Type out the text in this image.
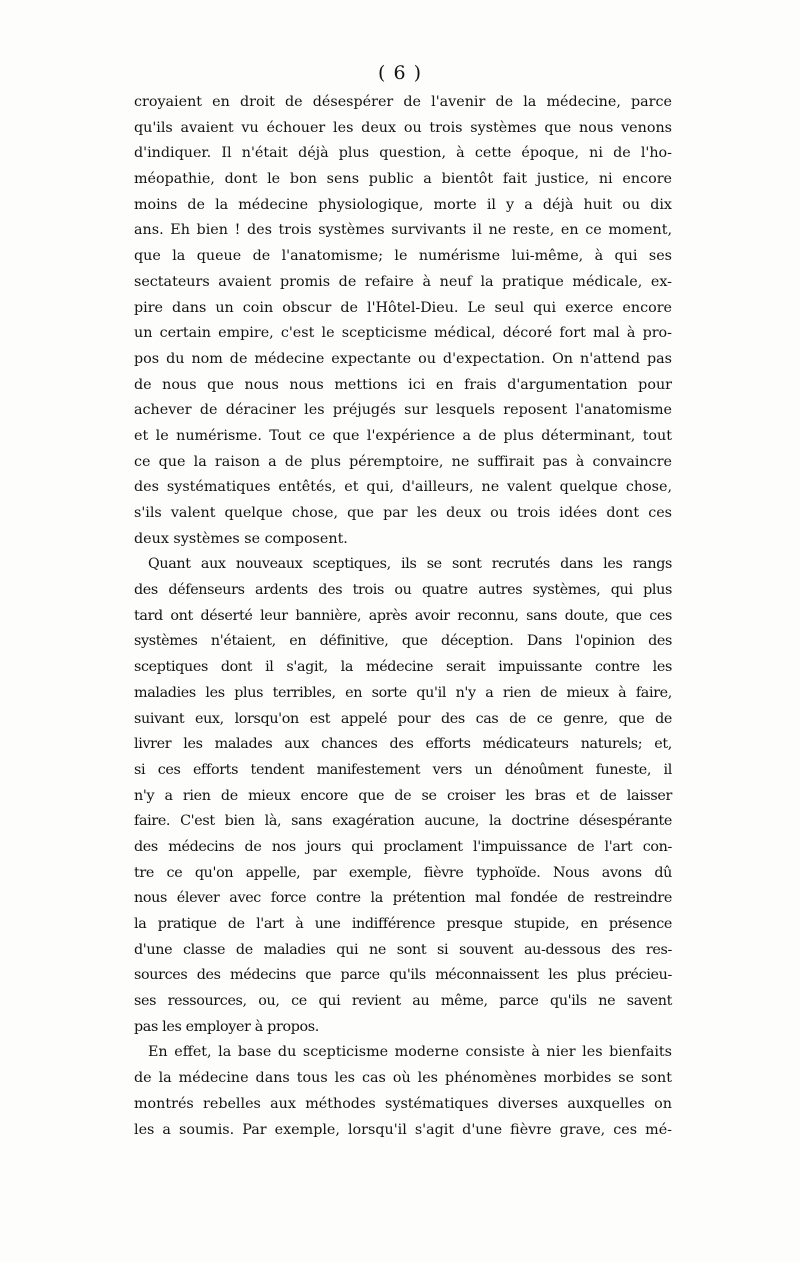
( 6 )
croyaient en droit de désespérer de l'avenir de la médecine, parce
qu'ils avaient vu échouer les deux ou trois systèmes que nous venons
d'indiquer. Il n'était déjà plus question, à cette époque, ni de l'ho-
méopathie, dont le bon sens public a bientôt fait justice, ni encore
moins de la médecine physiologique, morte il y a déjà huit ou dix
ans. Eh bien ! des trois systèmes survivants il ne reste, en ce moment,
que la queue de l'anatomisme; le numérisme lui-même, à qui ses
sectateurs avaient promis de refaire à neuf la pratique médicale, ex-
pire dans un coin obscur de l'Hôtel-Dieu. Le seul qui exerce encore
un certain empire, c'est le scepticisme médical, décoré fort mal à pro-
pos du nom de médecine expectante ou d'expectation. On n'attend pas
de nous que nous nous mettions ici en frais d'argumentation pour
achever de déraciner les préjugés sur lesquels reposent l'anatomisme
et le numérisme. Tout ce que l'expérience a de plus déterminant, tout
ce que la raison a de plus péremptoire, ne suffirait pas à convaincre
des systématiques entêtés, et qui, d'ailleurs, ne valent quelque chose,
s'ils valent quelque chose, que par les deux ou trois idées dont ces
deux systèmes se composent.
Quant aux nouveaux sceptiques, ils se sont recrutés dans les rangs
des défenseurs ardents des trois ou quatre autres systèmes, qui plus
tard ont déserté leur bannière, après avoir reconnu, sans doute, que ces
systèmes n'étaient, en définitive, que déception. Dans l'opinion des
sceptiques dont il s'agit, la médecine serait impuissante contre les
maladies les plus terribles, en sorte qu'il n'y a rien de mieux à faire,
suivant eux, lorsqu'on est appelé pour des cas de ce genre, que de
livrer les malades aux chances des efforts médicateurs naturels; et,
si ces efforts tendent manifestement vers un dénoûment funeste, il
n'y a rien de mieux encore que de se croiser les bras et de laisser
faire. C'est bien là, sans exagération aucune, la doctrine désespérante
des médecins de nos jours qui proclament l'impuissance de l'art con-
tre ce qu'on appelle, par exemple, fièvre typhoïde. Nous avons dû
nous élever avec force contre la prétention mal fondée de restreindre
la pratique de l'art à une indifférence presque stupide, en présence
d'une classe de maladies qui ne sont si souvent au-dessous des res-
sources des médecins que parce qu'ils méconnaissent les plus précieu-
ses ressources, ou, ce qui revient au même, parce qu'ils ne savent
pas les employer à propos.
En effet, la base du scepticisme moderne consiste à nier les bienfaits
de la médecine dans tous les cas où les phénomènes morbides se sont
montrés rebelles aux méthodes systématiques diverses auxquelles on
les a soumis. Par exemple, lorsqu'il s'agit d'une fièvre grave, ces mé-
